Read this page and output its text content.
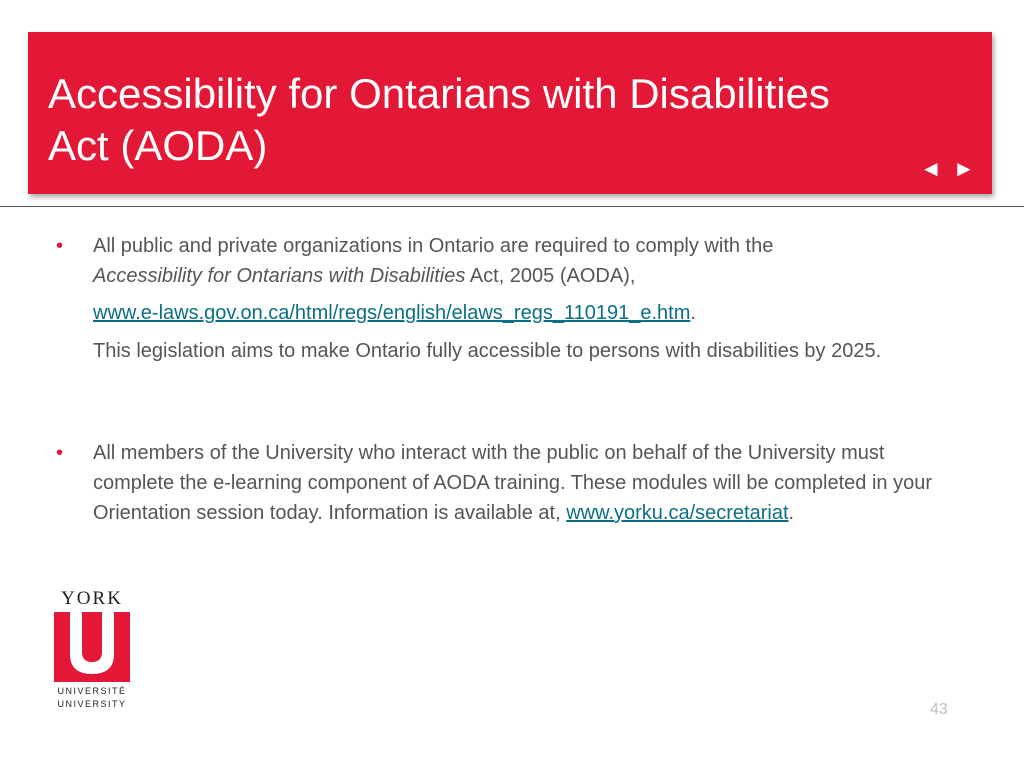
Accessibility for Ontarians with Disabilities
Act (AODA)	◄ ►
• All public and private organizations in Ontario are required to comply with the
Accessibility for Ontarians with Disabilities Act, 2005 (AODA),
www.e-laws.gov.on.ca/html/regs/english/elaws_regs_110191_e.htm.
This legislation aims to make Ontario fully accessible to persons with disabilities by 2025.
• All members of the University who interact with the public on behalf of the University must complete the e-learning component of AODA training. These modules will be completed in your Orientation session today. Information is available at, www.yorku.ca/secretariat.
YORK
UNIVERSITÉ
UNIVERSITY	43
